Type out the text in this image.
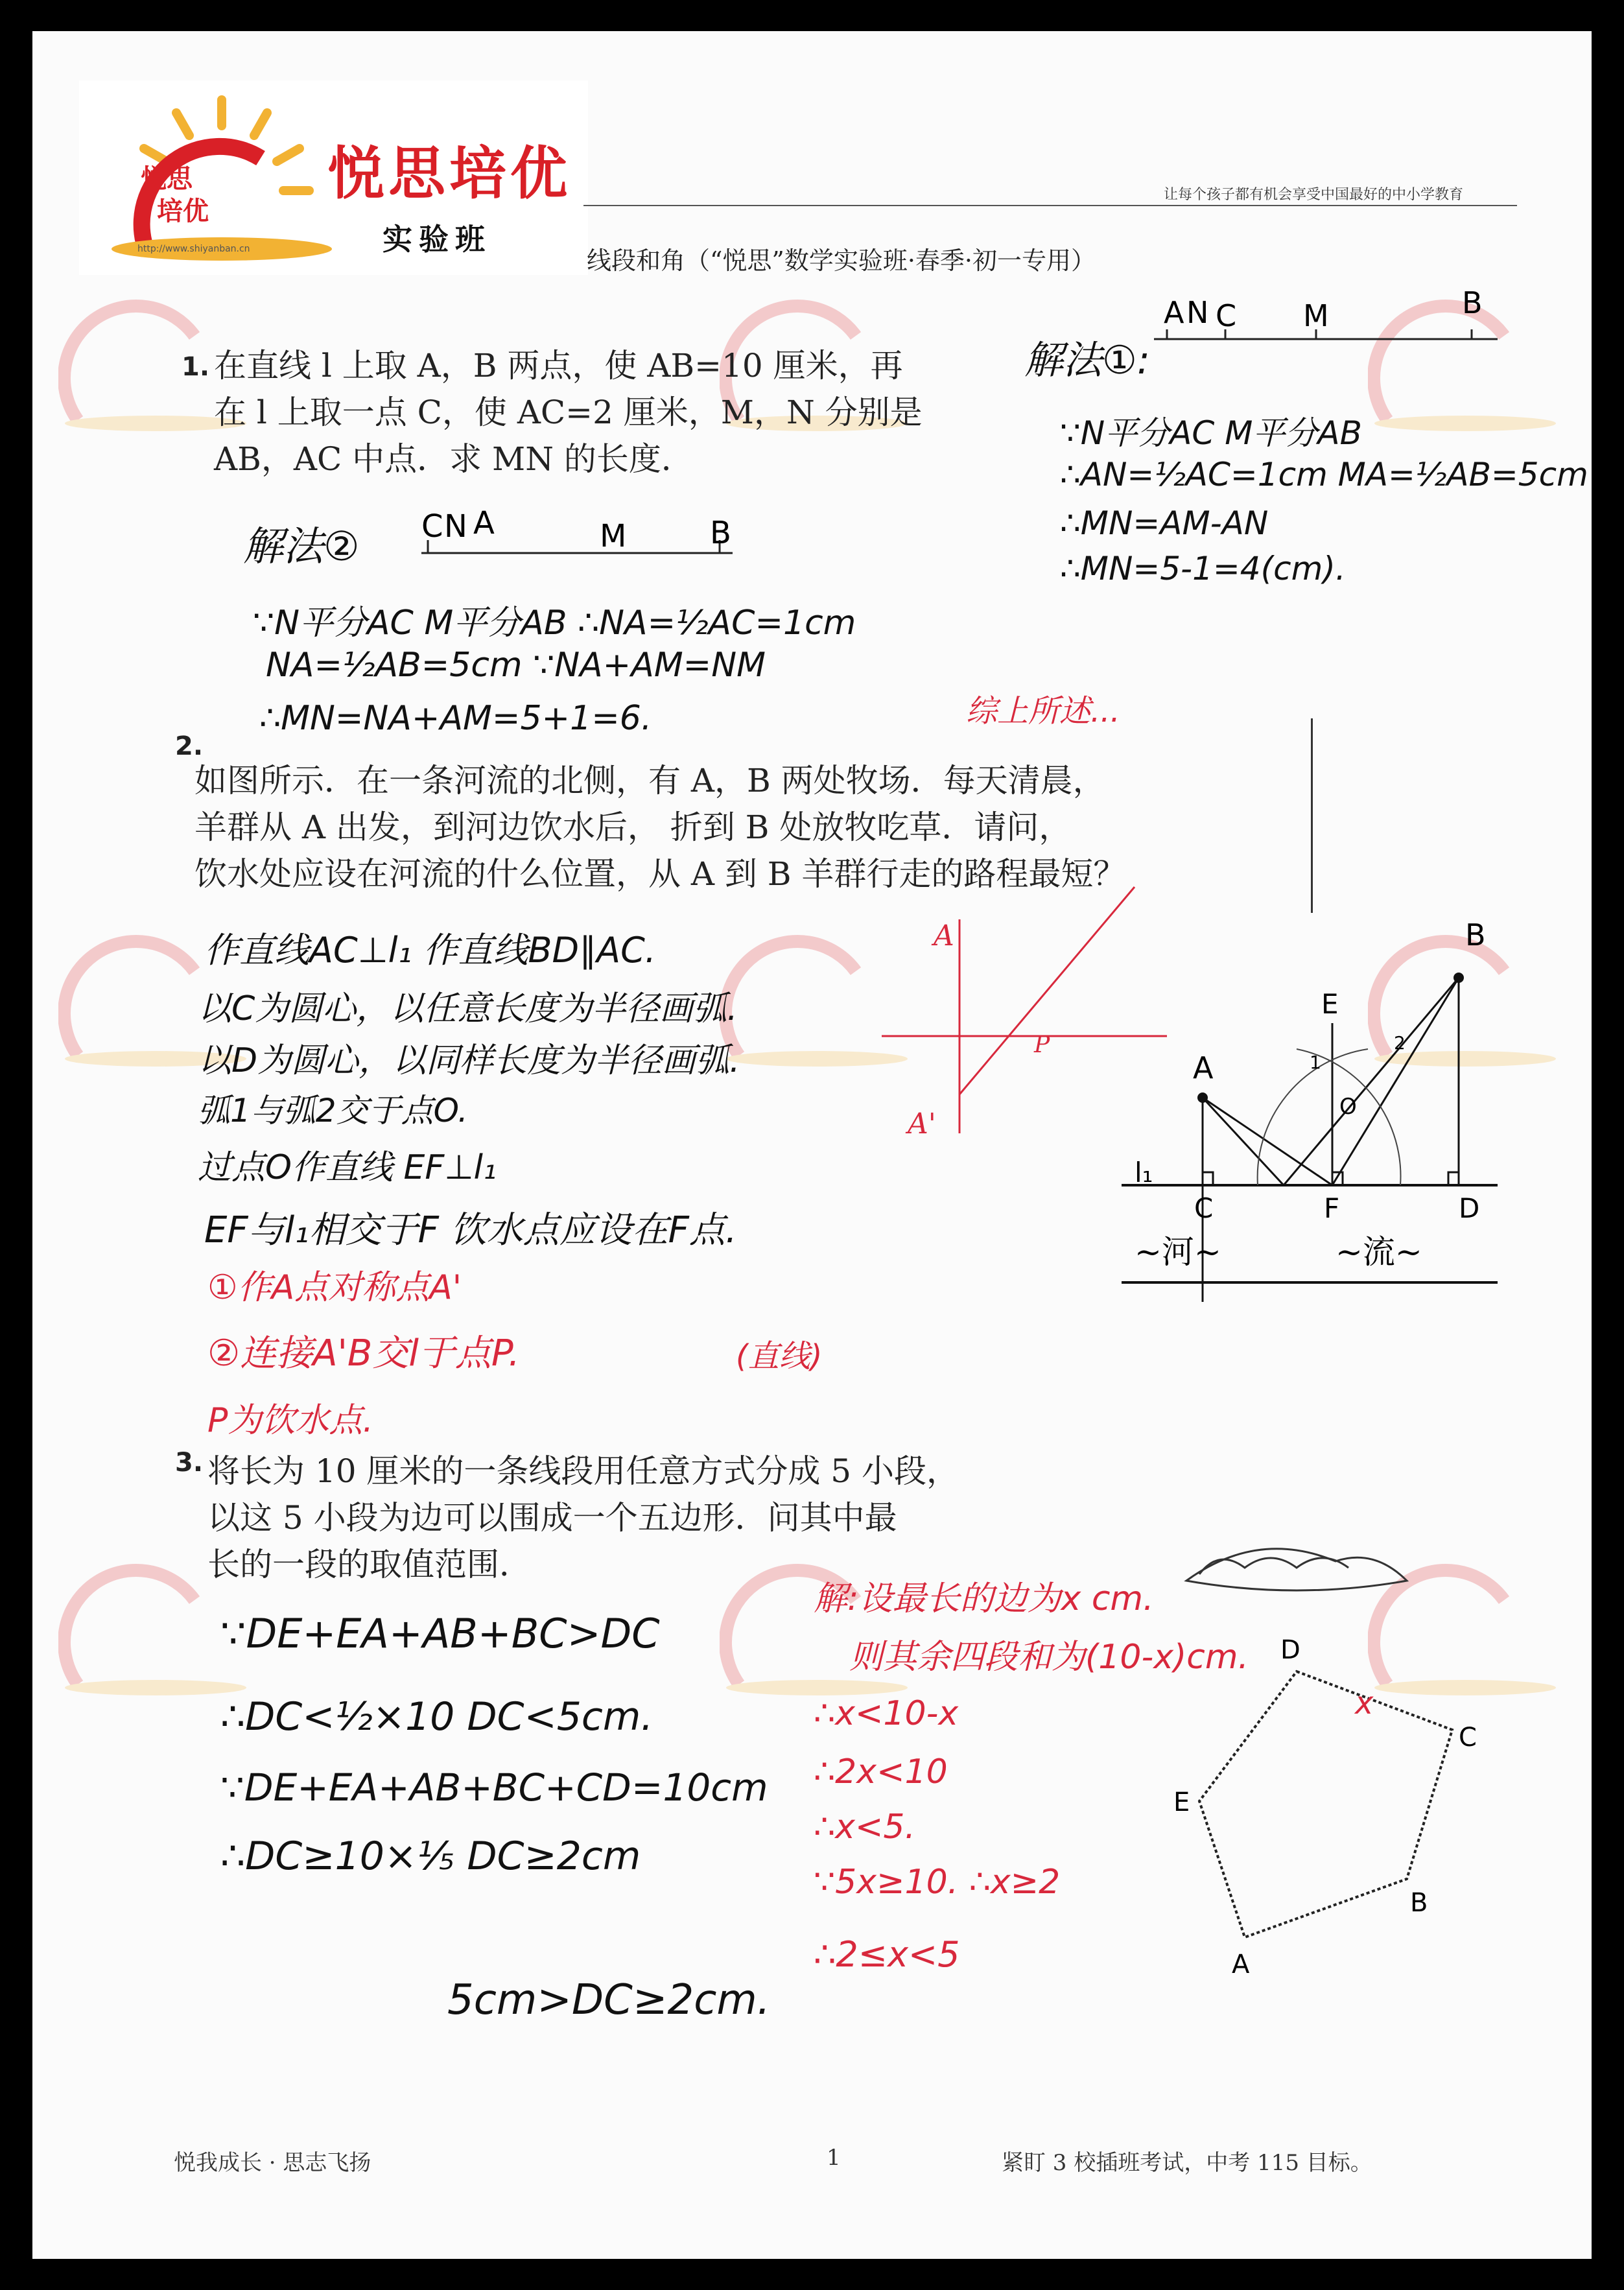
悦思
培优
http://www.shiyanban.cn
悦思培优
实验班
让每个孩子都有机会享受中国最好的中小学教育
线段和角（“悦思”数学实验班·春季·初一专用）
1. 在直线 l 上取 A，B 两点，使 AB=10 厘米，再
在 l 上取一点 C，使 AC=2 厘米，M，N 分别是
AB，AC 中点．求 MN 的长度．
解法①:
A N C M	B
∵N平分AC M平分AB
∴AN=½AC=1cm MA=½AB=5cm
∴MN=AM-AN
∴MN=5-1=4(cm).
解法② C N A	M	B
∵N平分AC M平分AB ∴NA=½AC=1cm
NA=½AB=5cm ∵NA+AM=NM
∴MN=NA+AM=5+1=6.	综上所述...
2.
如图所示．在一条河流的北侧，有 A，B 两处牧场．每天清晨，
羊群从 A 出发，到河边饮水后， 折到 B 处放牧吃草．请问，
饮水处应设在河流的什么位置，从 A 到 B 羊群行走的路程最短？
作直线AC⊥l₁ 作直线BD∥AC.
以C为圆心，以任意长度为半径画弧.
以D为圆心，以同样长度为半径画弧.
弧1与弧2交于点O.
过点O作直线 EF⊥l₁
EF与l₁相交于F 饮水点应设在F点.
①作A点对称点A'
②连接A'B交l于点P.
P为饮水点.
(直线)
A
A'
P
A
B
C	D
E
F
O
l₁
1
2
~河~	~流~
3. 将长为 10 厘米的一条线段用任意方式分成 5 小段，
以这 5 小段为边可以围成一个五边形．问其中最
长的一段的取值范围．
∵DE+EA+AB+BC>DC
∴DC<½×10 DC<5cm.
∵DE+EA+AB+BC+CD=10cm
∴DC≥10×⅕ DC≥2cm
5cm>DC≥2cm.
解:设最长的边为x cm.
则其余四段和为(10-x)cm.
∴x<10-x
∴2x<10
∴x<5.
∵5x≥10. ∴x≥2
∴2≤x<5
D
C
B
A
E
x
悦我成长 · 思志飞扬	1	紧盯 3 校插班考试，中考 115 目标。
